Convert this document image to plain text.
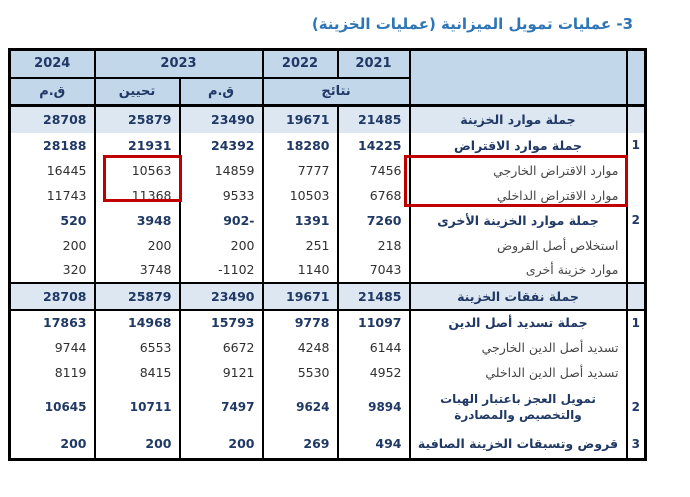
3- عمليات تمويل الميزانية (عمليات الخزينة)
2024	2023		2022	2021		
ق.م	تحيين	ق.م	نتائج			
28708	25879	23490	19671	21485	جملة موارد الخزينة	
28188	21931	24392	18280	14225	جملة موارد الاقتراض	1
16445	10563	14859	7777	7456	موارد الاقتراض الخارجي	
11743	11368	9533	10503	6768	موارد الاقتراض الداخلي	
520	3948	902-	1391	7260	جملة موارد الخزينة الأخرى	2
200	200	200	251	218	استخلاص أصل القروض	
320	3748	-1102	1140	7043	موارد خزينة أخرى	
28708	25879	23490	19671	21485	جملة نفقات الخزينة	
17863	14968	15793	9778	11097	جملة تسديد أصل الدين	1
9744	6553	6672	4248	6144	تسديد أصل الدين الخارجي	
8119	8415	9121	5530	4952	تسديد أصل الدين الداخلي	
10645	10711	7497	9624	9894	تمويل العجز باعتبار الهبات والتخصيص والمصادرة	2
200	200	200	269	494	قروض وتسبقات الخزينة الصافية	3
